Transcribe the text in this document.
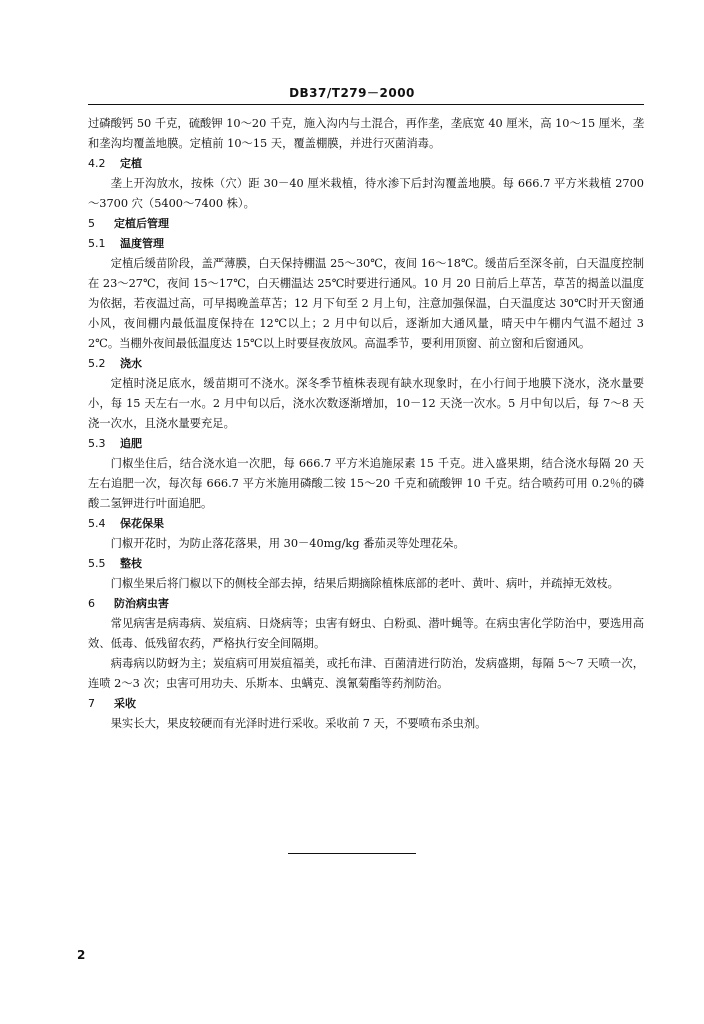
DB37/T279－2000

过磷酸钙 50 千克，硫酸钾 10～20 千克，施入沟内与土混合，再作垄，垄底宽 40 厘米，高 10～15 厘米，垄和垄沟均覆盖地膜。定植前 10～15 天，覆盖棚膜，并进行灭菌消毒。

4.2 定植

垄上开沟放水，按株（穴）距 30－40 厘米栽植，待水渗下后封沟覆盖地膜。每 666.7 平方米栽植 2700～3700 穴（5400～7400 株）。

5 定植后管理
5.1 温度管理

定植后缓苗阶段，盖严薄膜，白天保持棚温 25～30℃，夜间 16～18℃。缓苗后至深冬前，白天温度控制在 23～27℃，夜间 15～17℃，白天棚温达 25℃时要进行通风。10 月 20 日前后上草苫，草苫的揭盖以温度为依据，若夜温过高，可早揭晚盖草苫；12 月下旬至 2 月上旬，注意加强保温，白天温度达 30℃时开天窗通小风，夜间棚内最低温度保持在 12℃以上；2 月中旬以后，逐渐加大通风量，晴天中午棚内气温不超过 32℃。当棚外夜间最低温度达 15℃以上时要昼夜放风。高温季节，要利用顶窗、前立窗和后窗通风。

5.2 浇水

定植时浇足底水，缓苗期可不浇水。深冬季节植株表现有缺水现象时，在小行间于地膜下浇水，浇水量要小，每 15 天左右一水。2 月中旬以后，浇水次数逐渐增加，10－12 天浇一次水。5 月中旬以后，每 7～8 天浇一次水，且浇水量要充足。

5.3 追肥

门椒坐住后，结合浇水追一次肥，每 666.7 平方米追施尿素 15 千克。进入盛果期，结合浇水每隔 20 天左右追肥一次，每次每 666.7 平方米施用磷酸二铵 15～20 千克和硫酸钾 10 千克。结合喷药可用 0.2％的磷酸二氢钾进行叶面追肥。

5.4 保花保果

门椒开花时，为防止落花落果，用 30－40mg/kg 番茄灵等处理花朵。

5.5 整枝

门椒坐果后将门椒以下的侧枝全部去掉，结果后期摘除植株底部的老叶、黄叶、病叶，并疏掉无效枝。

6 防治病虫害

常见病害是病毒病、炭疽病、日烧病等；虫害有蚜虫、白粉虱、潜叶蝇等。在病虫害化学防治中，要选用高效、低毒、低残留农药，严格执行安全间隔期。

病毒病以防蚜为主；炭疽病可用炭疽福美，或托布津、百菌清进行防治，发病盛期，每隔 5～7 天喷一次，连喷 2～3 次；虫害可用功夫、乐斯本、虫螨克、溴氰菊酯等药剂防治。

7 采收

果实长大，果皮较硬而有光泽时进行采收。采收前 7 天，不要喷布杀虫剂。

2
